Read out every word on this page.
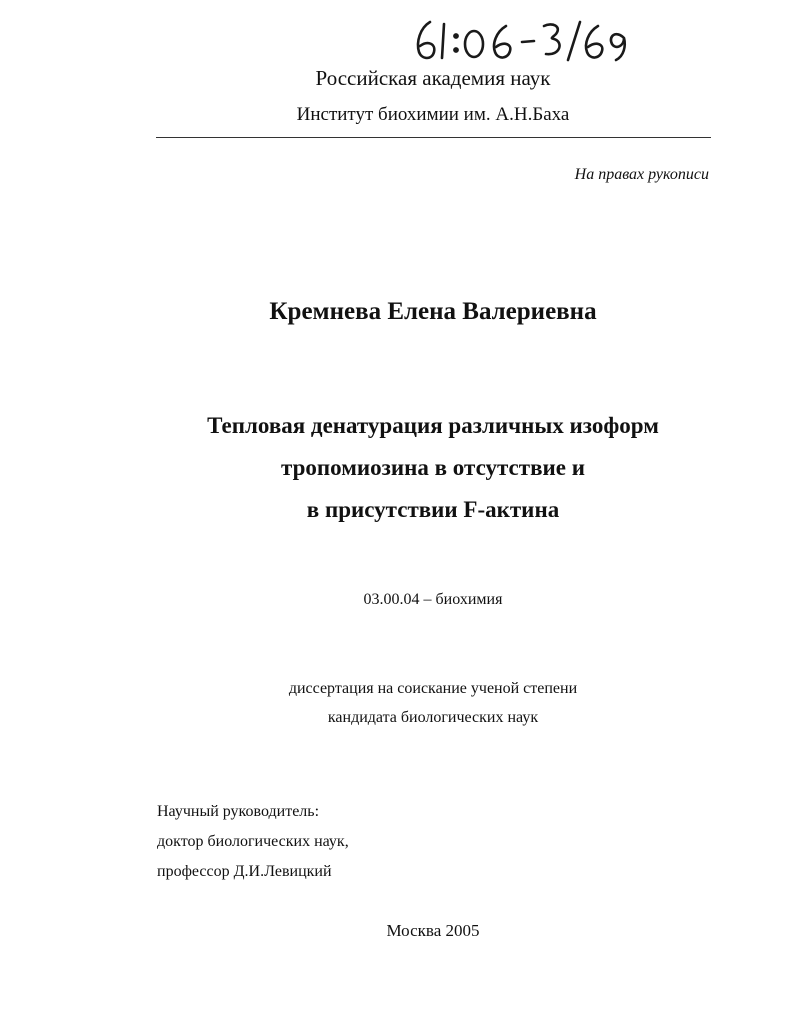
Российская академия наук
Институт биохимии им. А.Н.Баха
На правах рукописи
Кремнева Елена Валериевна
Тепловая денатурация различных изоформ
тропомиозина в отсутствие и
в присутствии F-актина
03.00.04 – биохимия
диссертация на соискание ученой степени
кандидата биологических наук
Научный руководитель:
доктор биологических наук,
профессор Д.И.Левицкий
Москва 2005
